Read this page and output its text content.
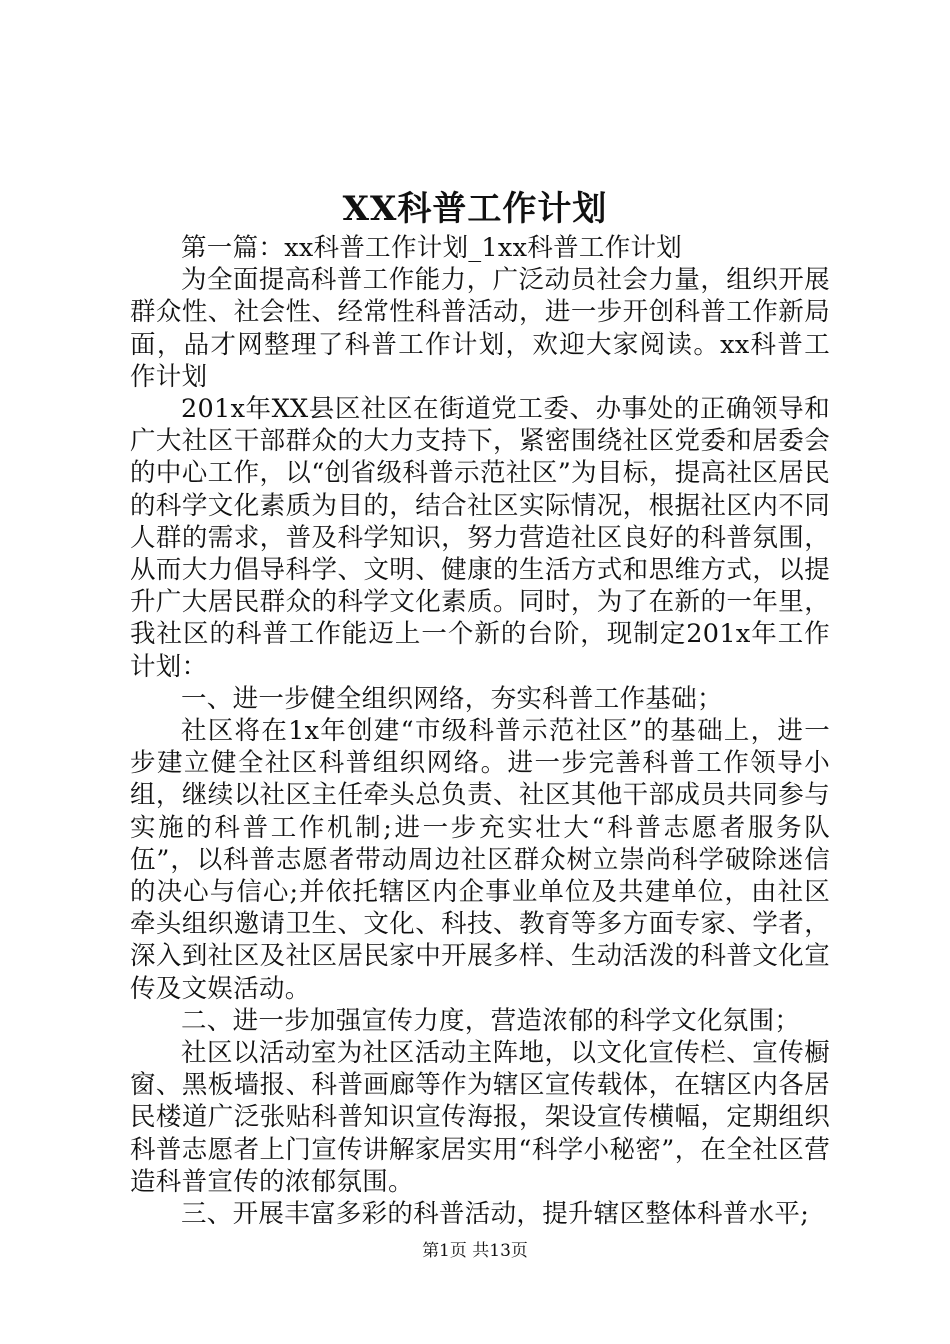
XX科普工作计划

第一篇：xx科普工作计划_1xx科普工作计划

为全面提高科普工作能力，广泛动员社会力量，组织开展群众性、社会性、经常性科普活动，进一步开创科普工作新局面，品才网整理了科普工作计划，欢迎大家阅读。xx科普工作计划

201x年XX县区社区在街道党工委、办事处的正确领导和广大社区干部群众的大力支持下，紧密围绕社区党委和居委会的中心工作，以“创省级科普示范社区”为目标，提高社区居民的科学文化素质为目的，结合社区实际情况，根据社区内不同人群的需求，普及科学知识，努力营造社区良好的科普氛围，从而大力倡导科学、文明、健康的生活方式和思维方式，以提升广大居民群众的科学文化素质。同时，为了在新的一年里，我社区的科普工作能迈上一个新的台阶，现制定201x年工作计划：

一、进一步健全组织网络，夯实科普工作基础；

社区将在1x年创建“市级科普示范社区”的基础上，进一步建立健全社区科普组织网络。进一步完善科普工作领导小组，继续以社区主任牵头总负责、社区其他干部成员共同参与实施的科普工作机制;进一步充实壮大“科普志愿者服务队伍”，以科普志愿者带动周边社区群众树立崇尚科学破除迷信的决心与信心;并依托辖区内企事业单位及共建单位，由社区牵头组织邀请卫生、文化、科技、教育等多方面专家、学者，深入到社区及社区居民家中开展多样、生动活泼的科普文化宣传及文娱活动。

二、进一步加强宣传力度，营造浓郁的科学文化氛围；

社区以活动室为社区活动主阵地，以文化宣传栏、宣传橱窗、黑板墙报、科普画廊等作为辖区宣传载体，在辖区内各居民楼道广泛张贴科普知识宣传海报，架设宣传横幅，定期组织科普志愿者上门宣传讲解家居实用“科学小秘密”，在全社区营造科普宣传的浓郁氛围。

三、开展丰富多彩的科普活动，提升辖区整体科普水平;

第1页 共13页
